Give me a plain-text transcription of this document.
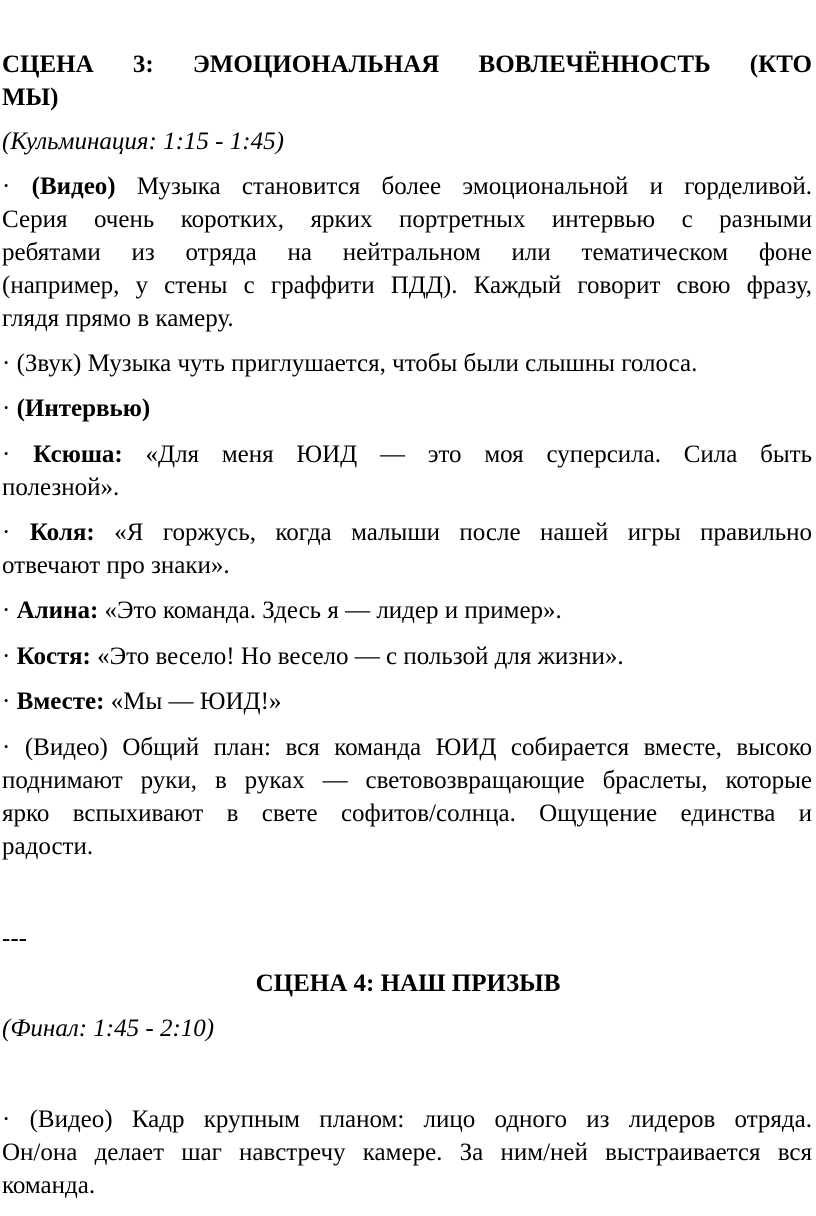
СЦЕНА 3: ЭМОЦИОНАЛЬНАЯ ВОВЛЕЧЁННОСТЬ (КТО
МЫ)
(Кульминация: 1:15 - 1:45)
· (Видео) Музыка становится более эмоциональной и горделивой.
Серия очень коротких, ярких портретных интервью с разными
ребятами из отряда на нейтральном или тематическом фоне
(например, у стены с граффити ПДД). Каждый говорит свою фразу,
глядя прямо в камеру.
· (Звук) Музыка чуть приглушается, чтобы были слышны голоса.
· (Интервью)
· Ксюша: «Для меня ЮИД — это моя суперсила. Сила быть
полезной».
· Коля: «Я горжусь, когда малыши после нашей игры правильно
отвечают про знаки».
· Алина: «Это команда. Здесь я — лидер и пример».
· Костя: «Это весело! Но весело — с пользой для жизни».
· Вместе: «Мы — ЮИД!»
· (Видео) Общий план: вся команда ЮИД собирается вместе, высоко
поднимают руки, в руках — световозвращающие браслеты, которые
ярко вспыхивают в свете софитов/солнца. Ощущение единства и
радости.
---
СЦЕНА 4: НАШ ПРИЗЫВ
(Финал: 1:45 - 2:10)
· (Видео) Кадр крупным планом: лицо одного из лидеров отряда.
Он/она делает шаг навстречу камере. За ним/ней выстраивается вся
команда.
